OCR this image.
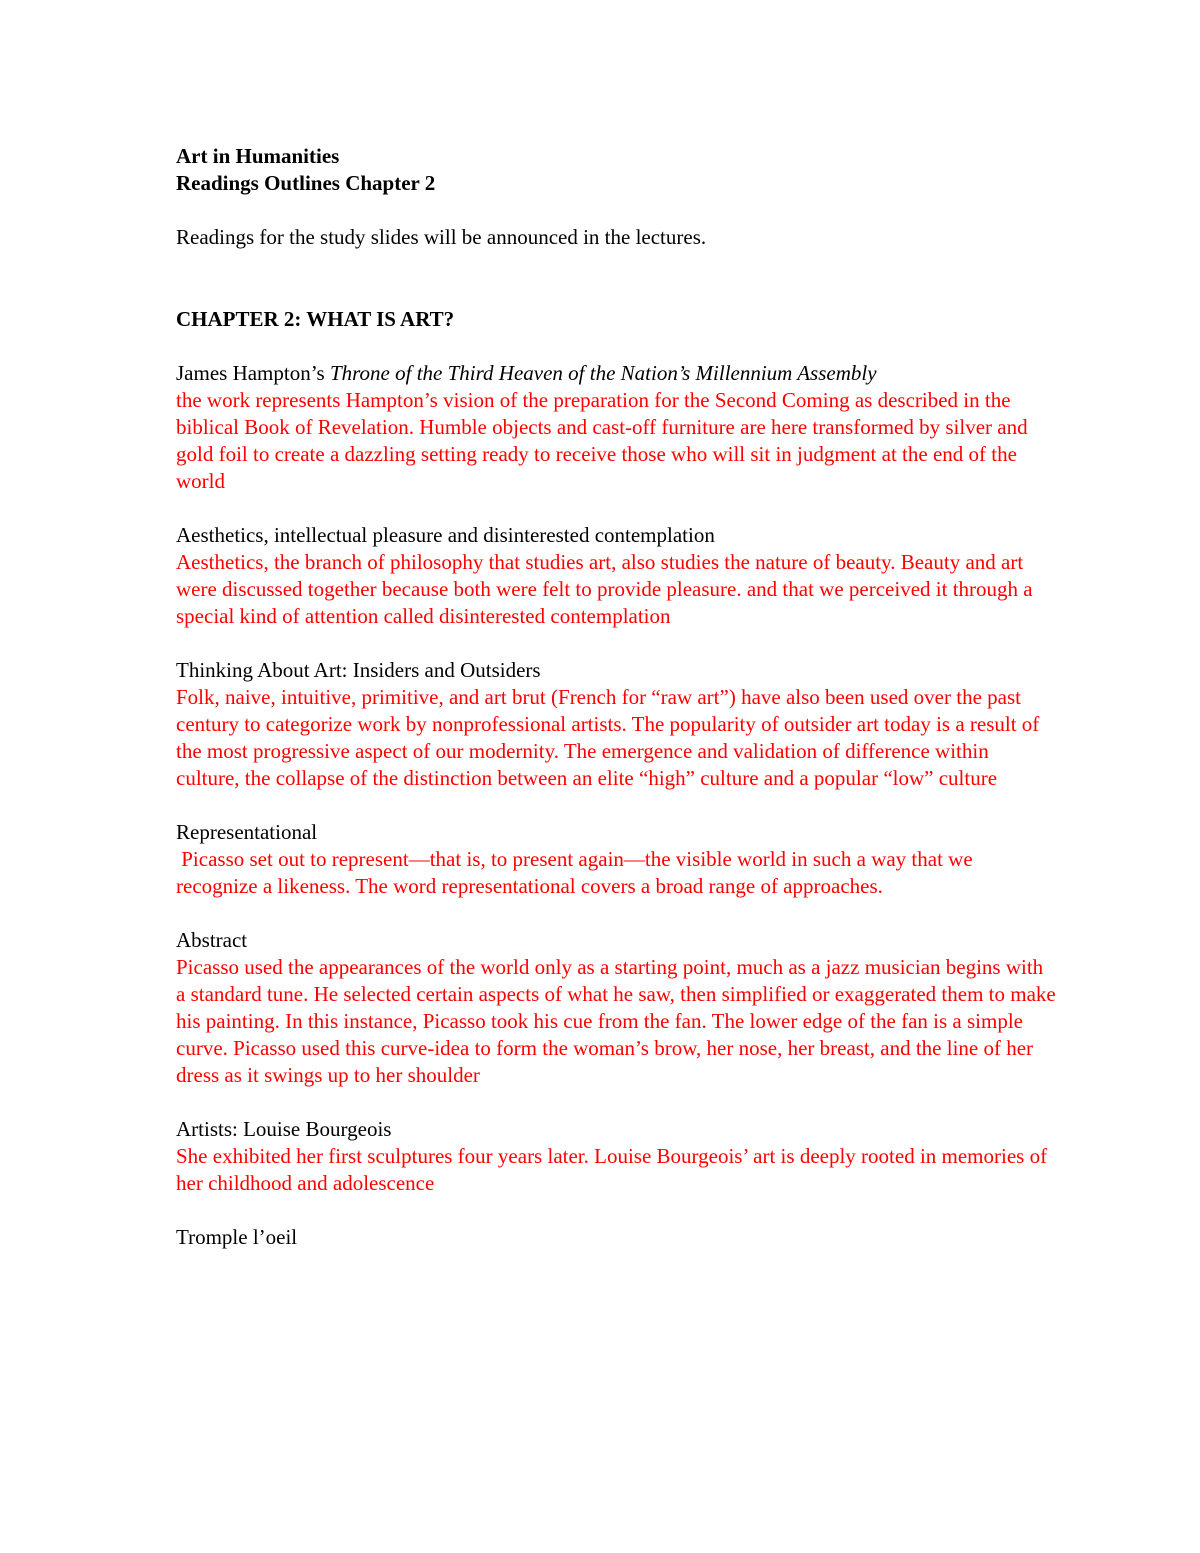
Art in Humanities

Readings Outlines Chapter 2

Readings for the study slides will be announced in the lectures.

CHAPTER 2: WHAT IS ART?

James Hampton’s Throne of the Third Heaven of the Nation’s Millennium Assembly

the work represents Hampton’s vision of the preparation for the Second Coming as described in the biblical Book of Revelation. Humble objects and cast-off furniture are here transformed by silver and gold foil to create a dazzling setting ready to receive those who will sit in judgment at the end of the world

Aesthetics, intellectual pleasure and disinterested contemplation

Aesthetics, the branch of philosophy that studies art, also studies the nature of beauty. Beauty and art were discussed together because both were felt to provide pleasure. and that we perceived it through a special kind of attention called disinterested contemplation

Thinking About Art: Insiders and Outsiders

Folk, naive, intuitive, primitive, and art brut (French for “raw art”) have also been used over the past century to categorize work by nonprofessional artists. The popularity of outsider art today is a result of the most progressive aspect of our modernity. The emergence and validation of difference within culture, the collapse of the distinction between an elite “high” culture and a popular “low” culture

Representational

Picasso set out to represent—that is, to present again—the visible world in such a way that we recognize a likeness. The word representational covers a broad range of approaches.

Abstract

Picasso used the appearances of the world only as a starting point, much as a jazz musician begins with a standard tune. He selected certain aspects of what he saw, then simplified or exaggerated them to make his painting. In this instance, Picasso took his cue from the fan. The lower edge of the fan is a simple curve. Picasso used this curve-idea to form the woman’s brow, her nose, her breast, and the line of her dress as it swings up to her shoulder

Artists: Louise Bourgeois

She exhibited her first sculptures four years later. Louise Bourgeois’ art is deeply rooted in memories of her childhood and adolescence

Tromple l’oeil
